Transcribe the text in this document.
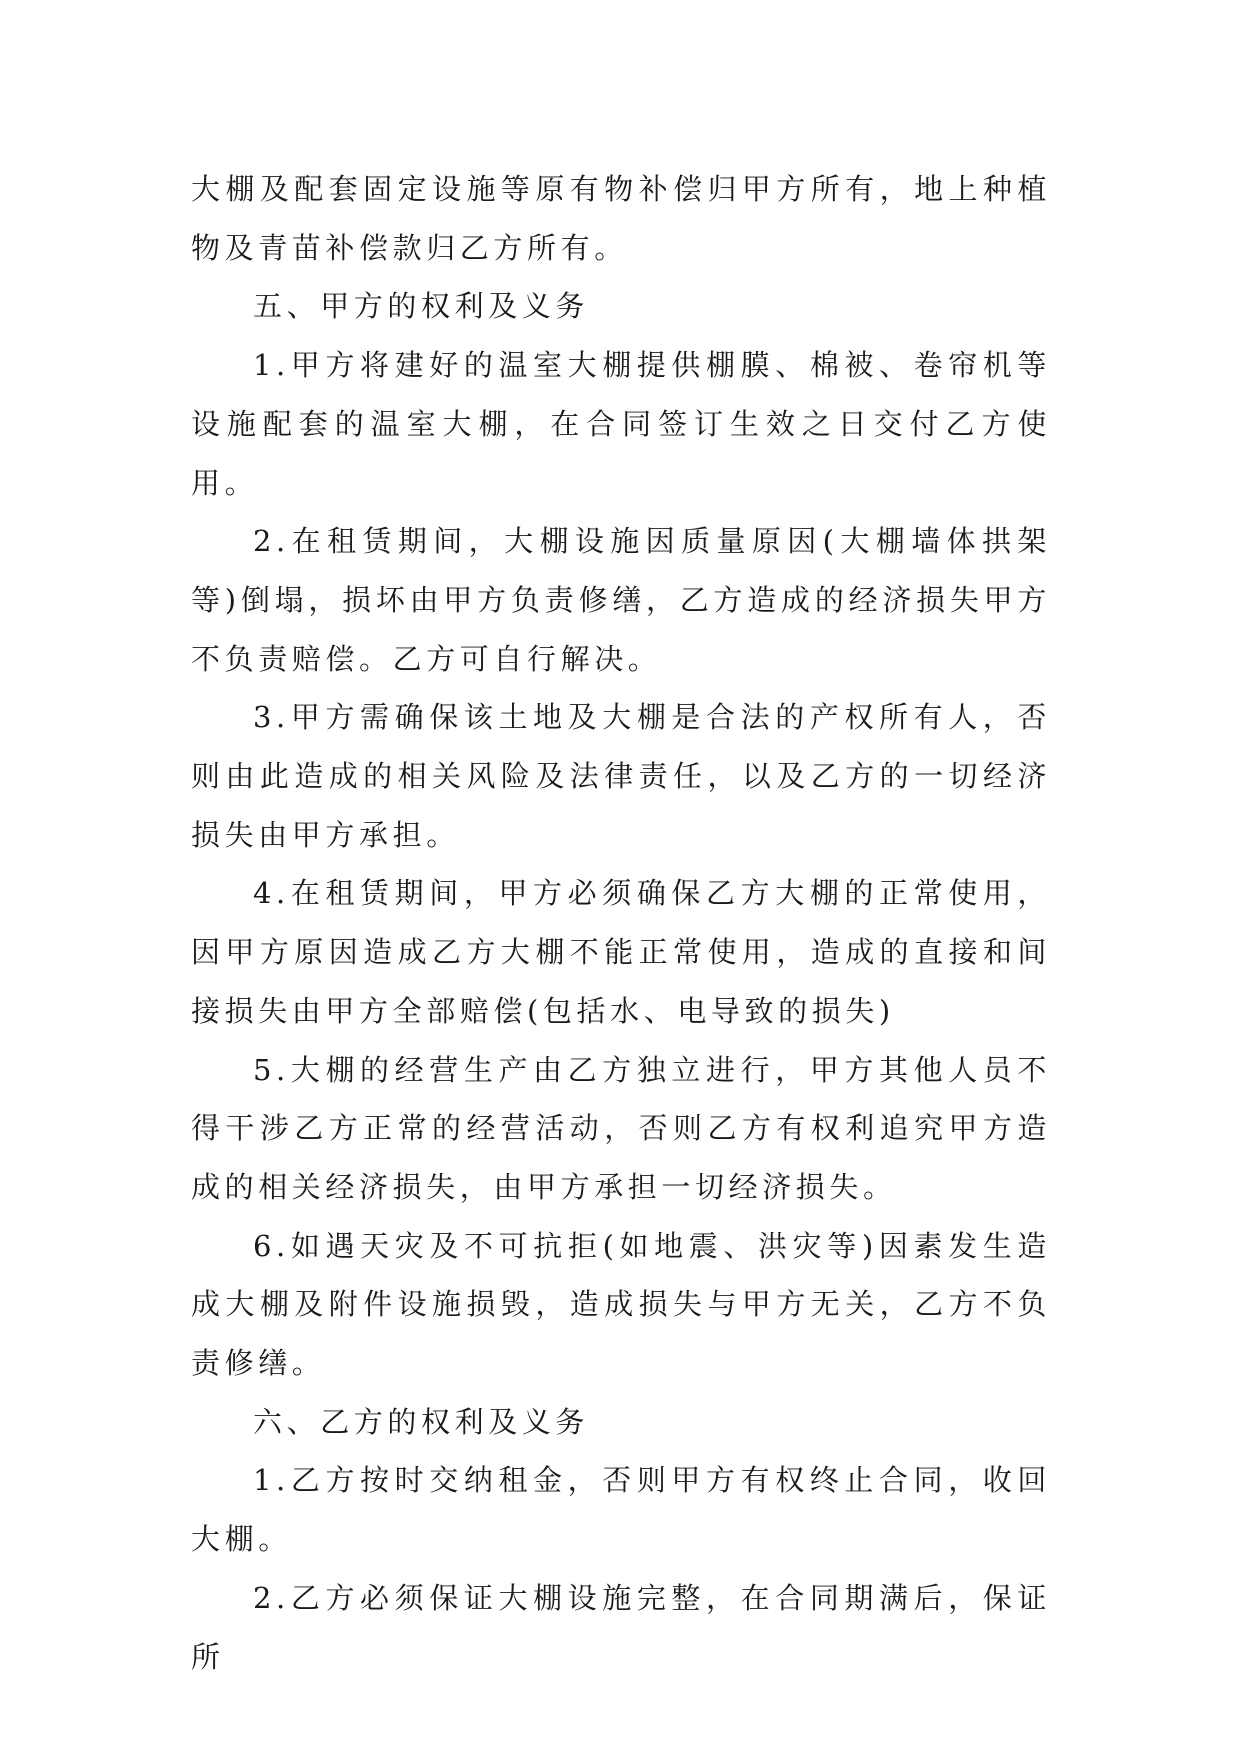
大棚及配套固定设施等原有物补偿归甲方所有，地上种植物及青苗补偿款归乙方所有。

五、甲方的权利及义务

1.甲方将建好的温室大棚提供棚膜、棉被、卷帘机等设施配套的温室大棚，在合同签订生效之日交付乙方使用。

2.在租赁期间，大棚设施因质量原因(大棚墙体拱架等)倒塌，损坏由甲方负责修缮，乙方造成的经济损失甲方不负责赔偿。乙方可自行解决。

3.甲方需确保该土地及大棚是合法的产权所有人，否则由此造成的相关风险及法律责任，以及乙方的一切经济损失由甲方承担。

4.在租赁期间，甲方必须确保乙方大棚的正常使用，因甲方原因造成乙方大棚不能正常使用，造成的直接和间接损失由甲方全部赔偿(包括水、电导致的损失)

5.大棚的经营生产由乙方独立进行，甲方其他人员不得干涉乙方正常的经营活动，否则乙方有权利追究甲方造成的相关经济损失，由甲方承担一切经济损失。

6.如遇天灾及不可抗拒(如地震、洪灾等)因素发生造成大棚及附件设施损毁，造成损失与甲方无关，乙方不负责修缮。

六、乙方的权利及义务

1.乙方按时交纳租金，否则甲方有权终止合同，收回大棚。

2.乙方必须保证大棚设施完整，在合同期满后，保证所
